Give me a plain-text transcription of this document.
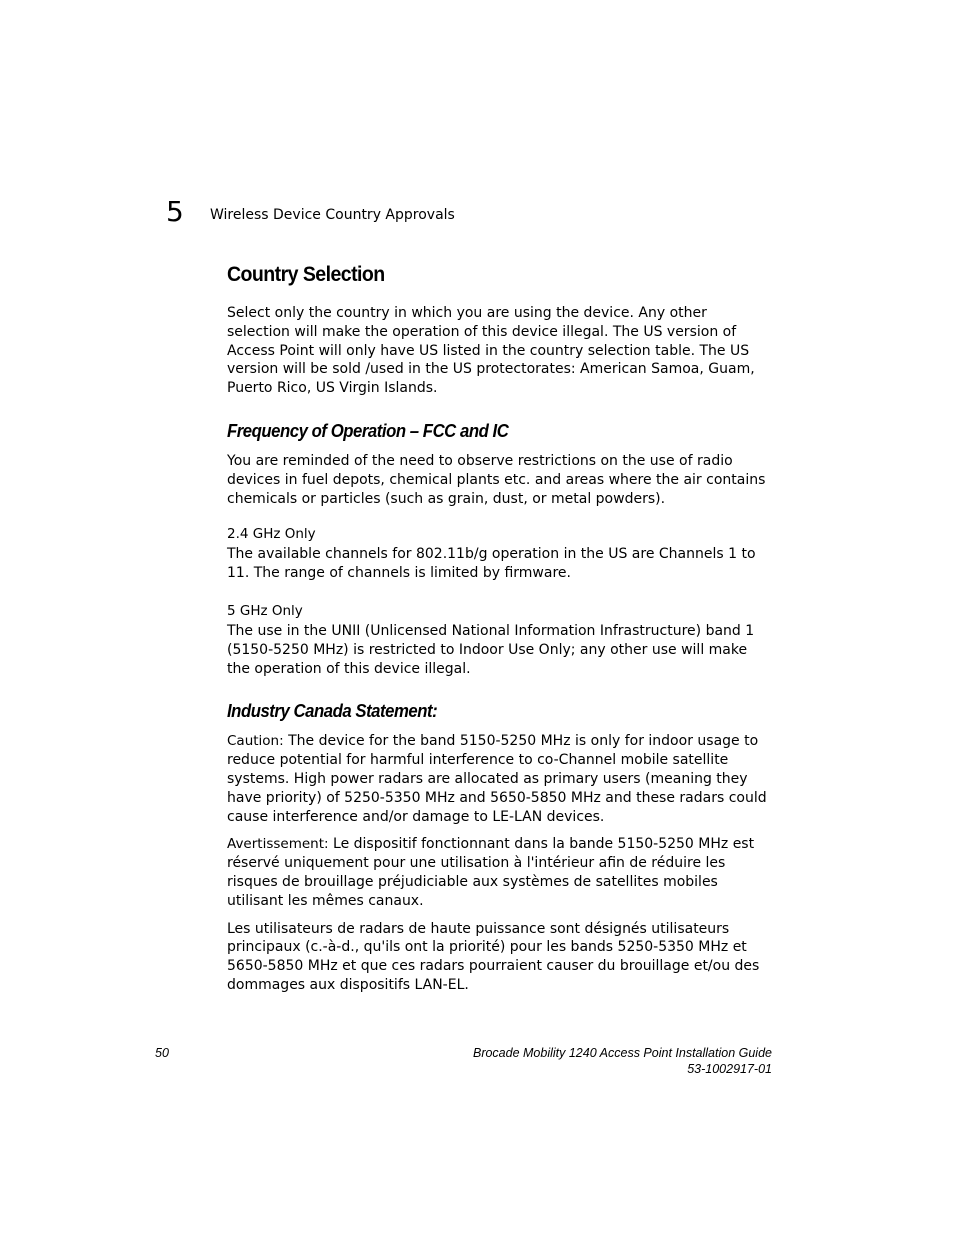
5 Wireless Device Country Approvals
Country Selection

Select only the country in which you are using the device. Any other selection will make the operation of this device illegal. The US version of Access Point will only have US listed in the country selection table. The US version will be sold /used in the US protectorates: American Samoa, Guam, Puerto Rico, US Virgin Islands.

Frequency of Operation – FCC and IC

You are reminded of the need to observe restrictions on the use of radio devices in fuel depots, chemical plants etc. and areas where the air contains chemicals or particles (such as grain, dust, or metal powders).

2.4 GHz Only

The available channels for 802.11b/g operation in the US are Channels 1 to 11. The range of channels is limited by firmware.

5 GHz Only

The use in the UNII (Unlicensed National Information Infrastructure) band 1 (5150-5250 MHz) is restricted to Indoor Use Only; any other use will make the operation of this device illegal.

Industry Canada Statement:

Caution: The device for the band 5150-5250 MHz is only for indoor usage to reduce potential for harmful interference to co-Channel mobile satellite systems. High power radars are allocated as primary users (meaning they have priority) of 5250-5350 MHz and 5650-5850 MHz and these radars could cause interference and/or damage to LE-LAN devices.

Avertissement: Le dispositif fonctionnant dans la bande 5150-5250 MHz est réservé uniquement pour une utilisation à l'intérieur afin de réduire les risques de brouillage préjudiciable aux systèmes de satellites mobiles utilisant les mêmes canaux.

Les utilisateurs de radars de haute puissance sont désignés utilisateurs principaux (c.-à-d., qu'ils ont la priorité) pour les bands 5250-5350 MHz et 5650-5850 MHz et que ces radars pourraient causer du brouillage et/ou des dommages aux dispositifs LAN-EL.

50	Brocade Mobility 1240 Access Point Installation Guide
53-1002917-01
